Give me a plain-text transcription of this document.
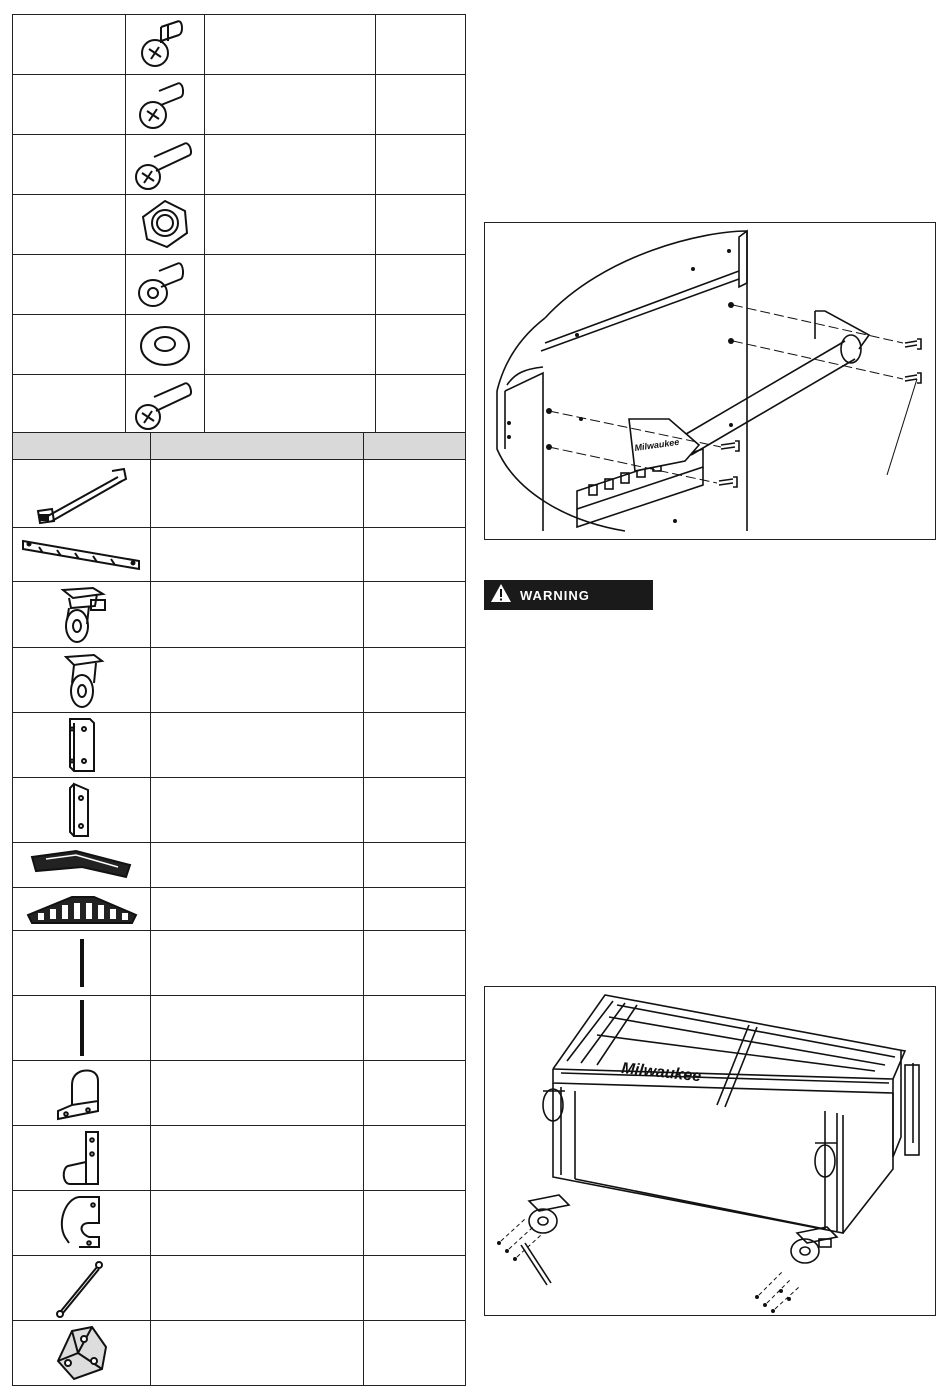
Milwaukee
WARNING
Milwaukee
